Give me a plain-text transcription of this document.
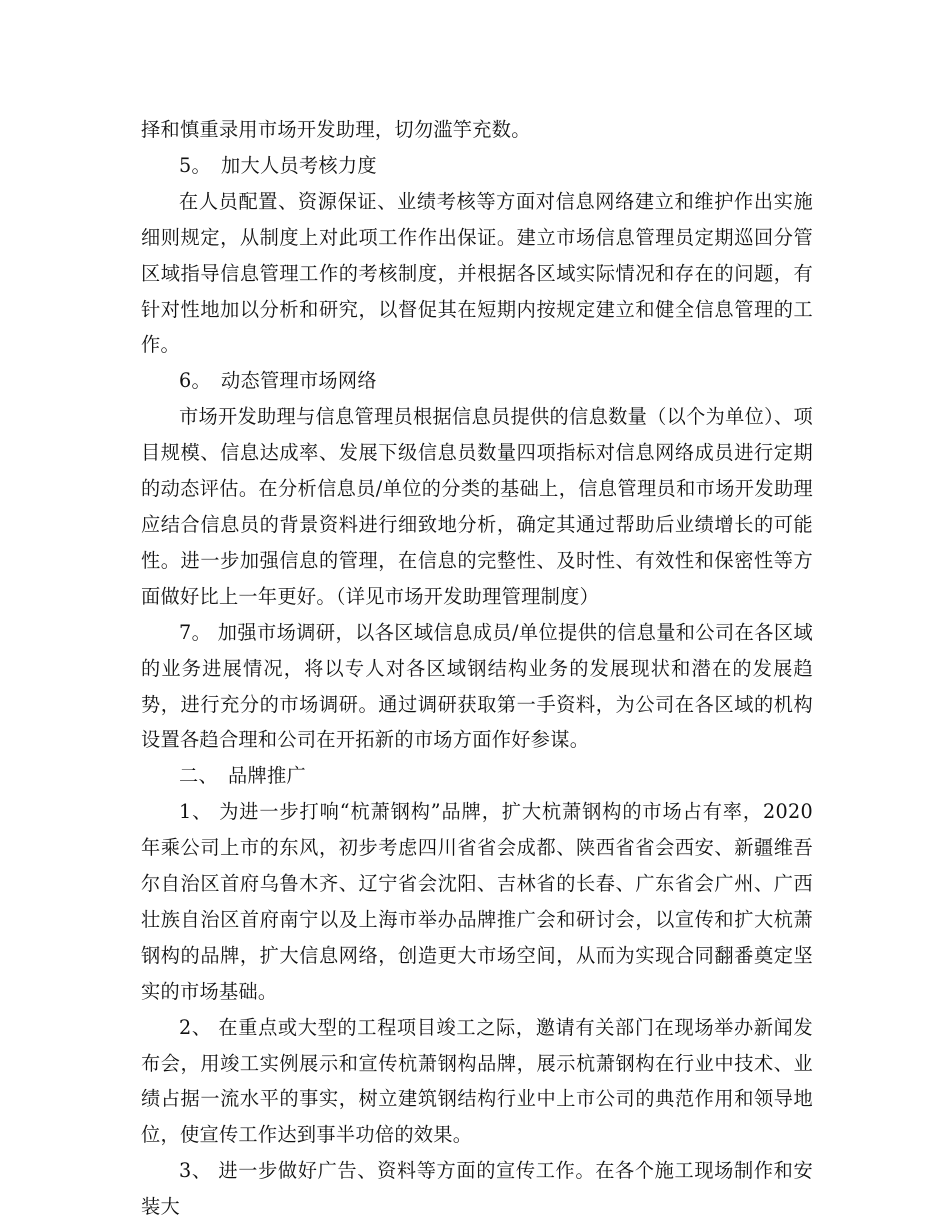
择和慎重录用市场开发助理，切勿滥竽充数。

5。 加大人员考核力度

在人员配置、资源保证、业绩考核等方面对信息网络建立和维护作出实施细则规定，从制度上对此项工作作出保证。建立市场信息管理员定期巡回分管区域指导信息管理工作的考核制度，并根据各区域实际情况和存在的问题，有针对性地加以分析和研究，以督促其在短期内按规定建立和健全信息管理的工作。

6。 动态管理市场网络

市场开发助理与信息管理员根据信息员提供的信息数量（以个为单位）、项目规模、信息达成率、发展下级信息员数量四项指标对信息网络成员进行定期的动态评估。在分析信息员/单位的分类的基础上，信息管理员和市场开发助理应结合信息员的背景资料进行细致地分析，确定其通过帮助后业绩增长的可能性。进一步加强信息的管理，在信息的完整性、及时性、有效性和保密性等方面做好比上一年更好。（详见市场开发助理管理制度）

7。 加强市场调研，以各区域信息成员/单位提供的信息量和公司在各区域的业务进展情况，将以专人对各区域钢结构业务的发展现状和潜在的发展趋势，进行充分的市场调研。通过调研获取第一手资料，为公司在各区域的机构设置各趋合理和公司在开拓新的市场方面作好参谋。

二、 品牌推广

1、 为进一步打响“杭萧钢构”品牌，扩大杭萧钢构的市场占有率，2020年乘公司上市的东风，初步考虑四川省省会成都、陕西省省会西安、新疆维吾尔自治区首府乌鲁木齐、辽宁省会沈阳、吉林省的长春、广东省会广州、广西壮族自治区首府南宁以及上海市举办品牌推广会和研讨会，以宣传和扩大杭萧钢构的品牌，扩大信息网络，创造更大市场空间，从而为实现合同翻番奠定坚实的市场基础。

2、 在重点或大型的工程项目竣工之际，邀请有关部门在现场举办新闻发布会，用竣工实例展示和宣传杭萧钢构品牌，展示杭萧钢构在行业中技术、业绩占据一流水平的事实，树立建筑钢结构行业中上市公司的典范作用和领导地位，使宣传工作达到事半功倍的效果。

3、 进一步做好广告、资料等方面的宣传工作。在各个施工现场制作和安装大
